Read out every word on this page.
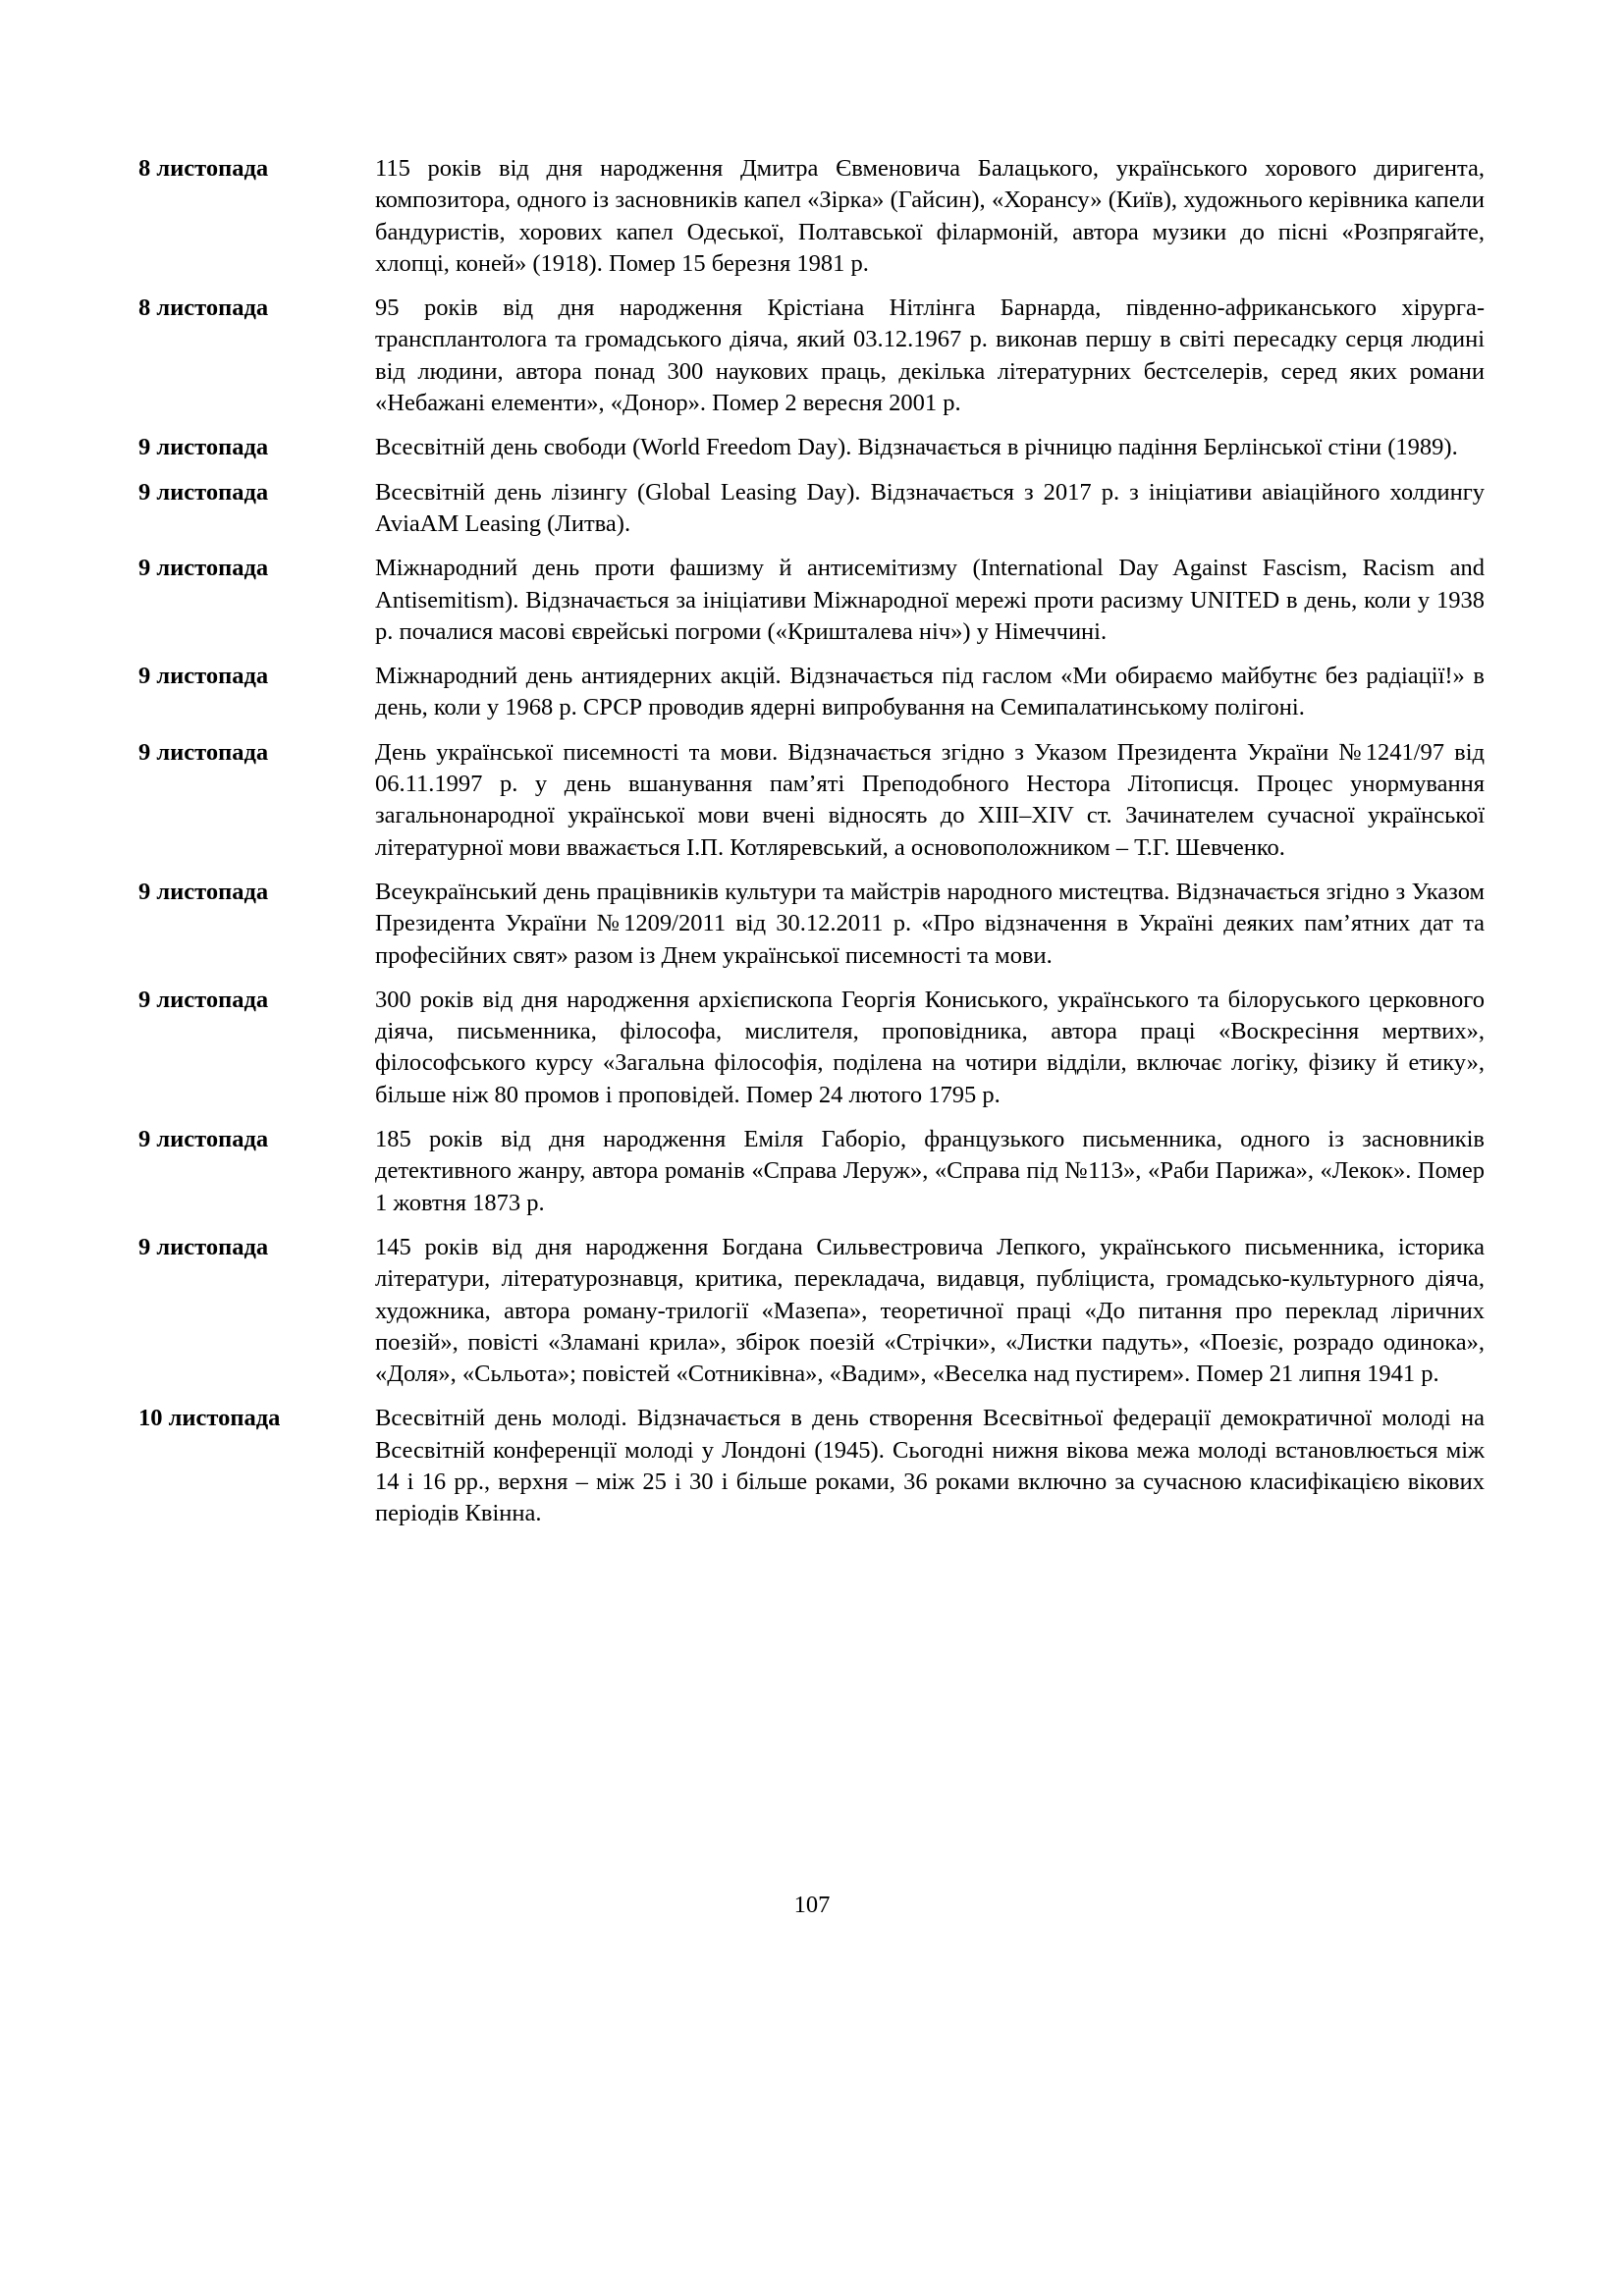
8 листопада	115 років від дня народження Дмитра Євменовича Балацького, українського хорового диригента, композитора, одного із засновників капел «Зірка» (Гайсин), «Хорансу» (Київ), художнього керівника капели бандуристів, хорових капел Одеської, Полтавської філармоній, автора музики до пісні «Розпрягайте, хлопці, коней» (1918). Помер 15 березня 1981 р.
8 листопада	95 років від дня народження Крістіана Нітлінга Барнарда, південно-африканського хірурга-трансплантолога та громадського діяча, який 03.12.1967 р. виконав першу в світі пересадку серця людині від людини, автора понад 300 наукових праць, декілька літературних бестселерів, серед яких романи «Небажані елементи», «Донор». Помер 2 вересня 2001 р.
9 листопада	Всесвітній день свободи (World Freedom Day). Відзначається в річницю падіння Берлінської стіни (1989).
9 листопада	Всесвітній день лізингу (Global Leasing Day). Відзначається з 2017 р. з ініціативи авіаційного холдингу AviaAM Leasing (Литва).
9 листопада	Міжнародний день проти фашизму й антисемітизму (International Day Against Fascism, Racism and Antisemitism). Відзначається за ініціативи Міжнародної мережі проти расизму UNITED в день, коли у 1938 р. почалися масові єврейські погроми («Кришталева ніч») у Німеччині.
9 листопада	Міжнародний день антиядерних акцій. Відзначається під гаслом «Ми обираємо майбутнє без радіації!» в день, коли у 1968 р. СРСР проводив ядерні випробування на Семипалатинському полігоні.
9 листопада	День української писемності та мови. Відзначається згідно з Указом Президента України №1241/97 від 06.11.1997 р. у день вшанування пам’яті Преподобного Нестора Літописця. Процес унормування загальнонародної української мови вчені відносять до XIII–XIV ст. Зачинателем сучасної української літературної мови вважається І.П. Котляревський, а основоположником – Т.Г. Шевченко.
9 листопада	Всеукраїнський день працівників культури та майстрів народного мистецтва. Відзначається згідно з Указом Президента України №1209/2011 від 30.12.2011 р. «Про відзначення в Україні деяких пам’ятних дат та професійних свят» разом із Днем української писемності та мови.
9 листопада	300 років від дня народження архієпископа Георгія Кониського, українського та білоруського церковного діяча, письменника, філософа, мислителя, проповідника, автора праці «Воскресіння мертвих», філософського курсу «Загальна філософія, поділена на чотири відділи, включає логіку, фізику й етику», більше ніж 80 промов і проповідей. Помер 24 лютого 1795 р.
9 листопада	185 років від дня народження Еміля Габоріо, французького письменника, одного із засновників детективного жанру, автора романів «Справа Леруж», «Справа під №113», «Раби Парижа», «Лекок». Помер 1 жовтня 1873 р.
9 листопада	145 років від дня народження Богдана Сильвестровича Лепкого, українського письменника, історика літератури, літературознавця, критика, перекладача, видавця, публіциста, громадсько-культурного діяча, художника, автора роману-трилогії «Мазепа», теоретичної праці «До питання про переклад ліричних поезій», повісті «Зламані крила», збірок поезій «Стрічки», «Листки падуть», «Поезіє, розрадо одинока», «Доля», «Сьльота»; повістей «Сотниківна», «Вадим», «Веселка над пустирем». Помер 21 липня 1941 р.
10 листопада	Всесвітній день молоді. Відзначається в день створення Всесвітньої федерації демократичної молоді на Всесвітній конференції молоді у Лондоні (1945). Сьогодні нижня вікова межа молоді встановлюється між 14 і 16 рр., верхня – між 25 і 30 і більше роками, 36 роками включно за сучасною класифікацією вікових періодів Квінна.
107
